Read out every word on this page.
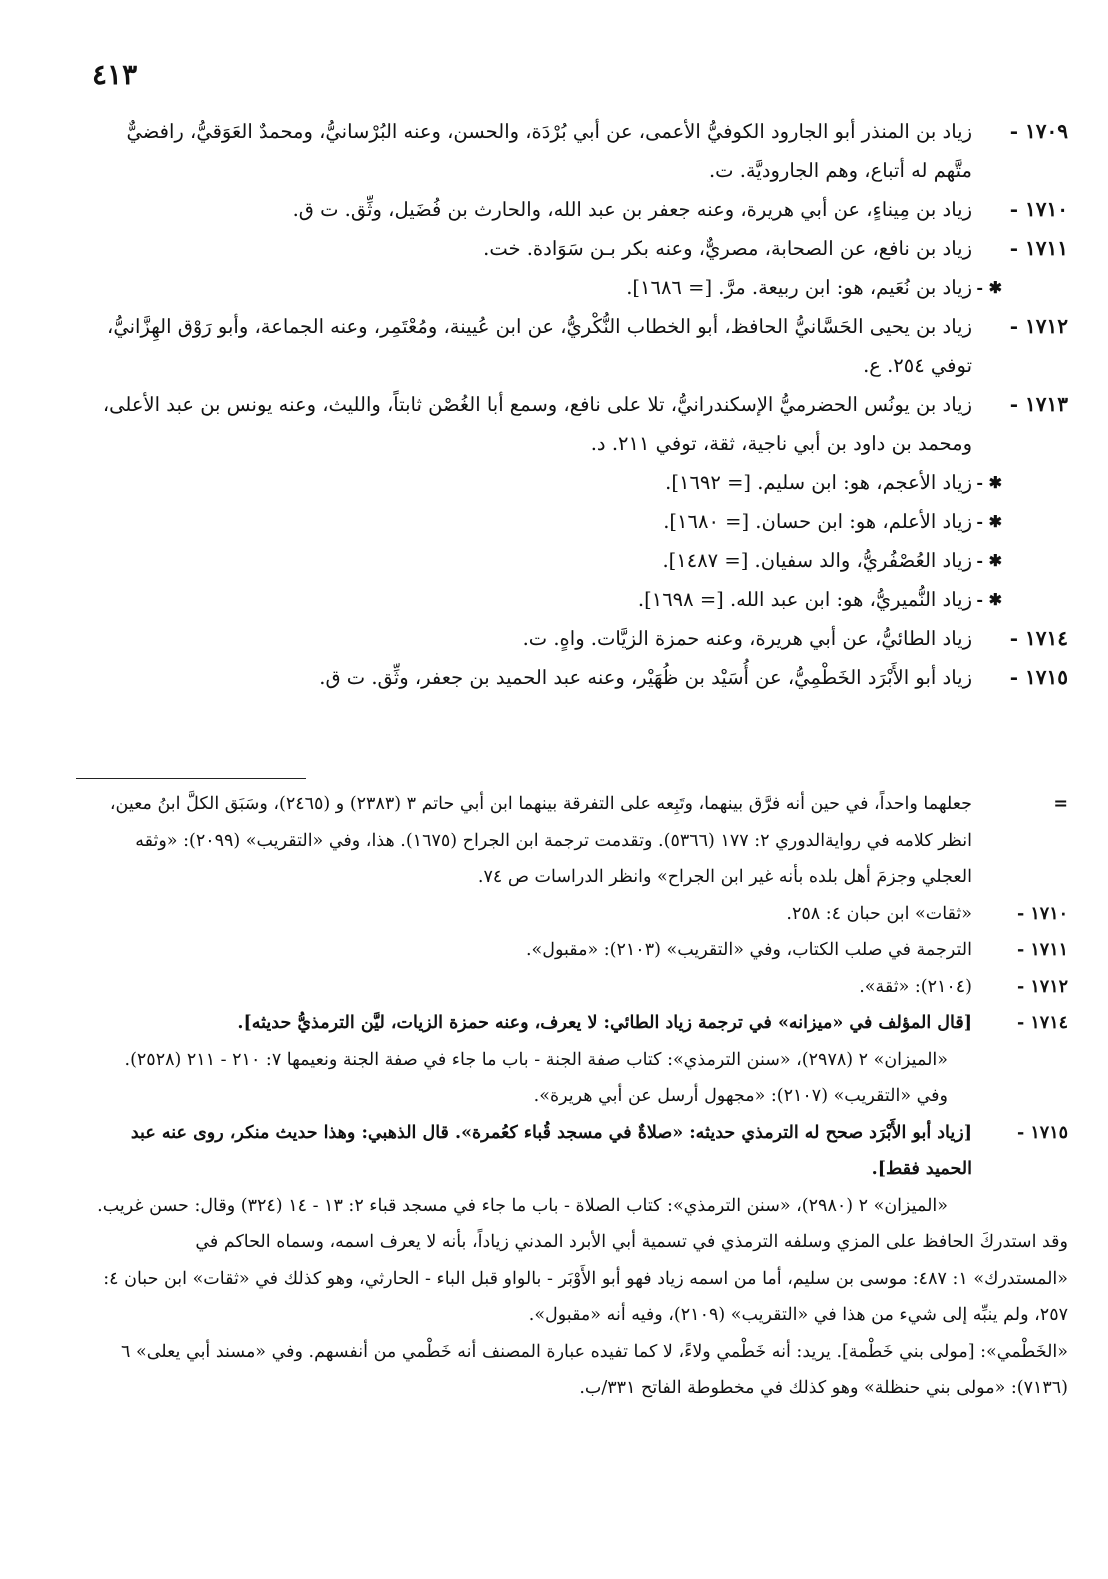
٤١٣
١٧٠٩ -
زياد بن المنذر أبو الجارود الكوفيُّ الأعمى، عن أبي بُرْدَة، والحسن، وعنه البُرْسانيُّ، ومحمدٌ العَوَقيُّ، رافضيٌّ متَّهم له أتباع، وهم الجاروديَّة. ت.
١٧١٠ -
زياد بن مِيناءٍ، عن أبي هريرة، وعنه جعفر بن عبد الله، والحارث بن فُضَيل، وثِّق. ت ق.
١٧١١ -
زياد بن نافع، عن الصحابة، مصريٌّ، وعنه بكر بـن سَوَادة. خت.
✱ -
زياد بن نُعَيم، هو: ابن ربيعة. مرَّ. [= ١٦٨٦].
١٧١٢ -
زياد بن يحيى الحَسَّانيُّ الحافظ، أبو الخطاب النُّكْريُّ، عن ابن عُيينة، ومُعْتَمِر، وعنه الجماعة، وأبو رَوْق الهِزَّانيُّ، توفي ٢٥٤. ع.
١٧١٣ -
زياد بن يونُس الحضرميُّ الإسكندرانيُّ، تلا على نافع، وسمع أبا الغُصْن ثابتاً، والليث، وعنه يونس بن عبد الأعلى، ومحمد بن داود بن أبي ناجية، ثقة، توفي ٢١١. د.
✱ -
زياد الأعجم، هو: ابن سليم. [= ١٦٩٢].
✱ -
زياد الأعلم، هو: ابن حسان. [= ١٦٨٠].
✱ -
زياد العُصْفُريُّ، والد سفيان. [= ١٤٨٧].
✱ -
زياد النُّميريُّ، هو: ابن عبد الله. [= ١٦٩٨].
١٧١٤ -
زياد الطائيُّ، عن أبي هريرة، وعنه حمزة الزيَّات. واهٍ. ت.
١٧١٥ -
زياد أبو الأَبْرَد الخَطْمِيُّ، عن أُسَيْد بن ظُهَيْر، وعنه عبد الحميد بن جعفر، وثِّق. ت ق.
=
جعلهما واحداً، في حين أنه فرَّق بينهما، وتَبِعه على التفرقة بينهما ابن أبي حاتم ٣ (٢٣٨٣) و (٢٤٦٥)، وسَبَق الكلَّ ابنُ معين، انظر كلامه في روايةالدوري ٢: ١٧٧ (٥٣٦٦). وتقدمت ترجمة ابن الجراح (١٦٧٥). هذا، وفي «التقريب» (٢٠٩٩): «وثقه العجلي وجزمَ أهل بلده بأنه غير ابن الجراح» وانظر الدراسات ص ٧٤.
١٧١٠ -
«ثقات» ابن حبان ٤: ٢٥٨.
١٧١١ -
الترجمة في صلب الكتاب، وفي «التقريب» (٢١٠٣): «مقبول».
١٧١٢ -
(٢١٠٤): «ثقة».
١٧١٤ -
[قال المؤلف في «ميزانه» في ترجمة زياد الطائي: لا يعرف، وعنه حمزة الزيات، ليَّن الترمذيُّ حديثه].
«الميزان» ٢ (٢٩٧٨)، «سنن الترمذي»: كتاب صفة الجنة - باب ما جاء في صفة الجنة ونعيمها ٧: ٢١٠ - ٢١١ (٢٥٢٨). وفي «التقريب» (٢١٠٧): «مجهول أرسل عن أبي هريرة».
١٧١٥ -
[زياد أبو الأَبْرَد صحح له الترمذي حديثه: «صلاةٌ في مسجد قُباء كعُمرة». قال الذهبي: وهذا حديث منكر، روى عنه عبد الحميد فقط].
«الميزان» ٢ (٢٩٨٠)، «سنن الترمذي»: كتاب الصلاة - باب ما جاء في مسجد قباء ٢: ١٣ - ١٤ (٣٢٤) وقال: حسن غريب.
وقد استدركَ الحافظ على المزي وسلفه الترمذي في تسمية أبي الأبرد المدني زياداً، بأنه لا يعرف اسمه، وسماه الحاكم في «المستدرك» ١: ٤٨٧: موسى بن سليم، أما من اسمه زياد فهو أبو الأَوْبَر - بالواو قبل الباء - الحارثي، وهو كذلك في «ثقات» ابن حبان ٤: ٢٥٧، ولم ينبِّه إلى شيء من هذا في «التقريب» (٢١٠٩)، وفيه أنه «مقبول».
«الخَطْمي»: [مولى بني خَطْمة]. يريد: أنه خَطْمي ولاءً، لا كما تفيده عبارة المصنف أنه خَطْمي من أنفسهم. وفي «مسند أبي يعلى» ٦ (٧١٣٦): «مولى بني حنظلة» وهو كذلك في مخطوطة الفاتح ٣٣١/ب.
